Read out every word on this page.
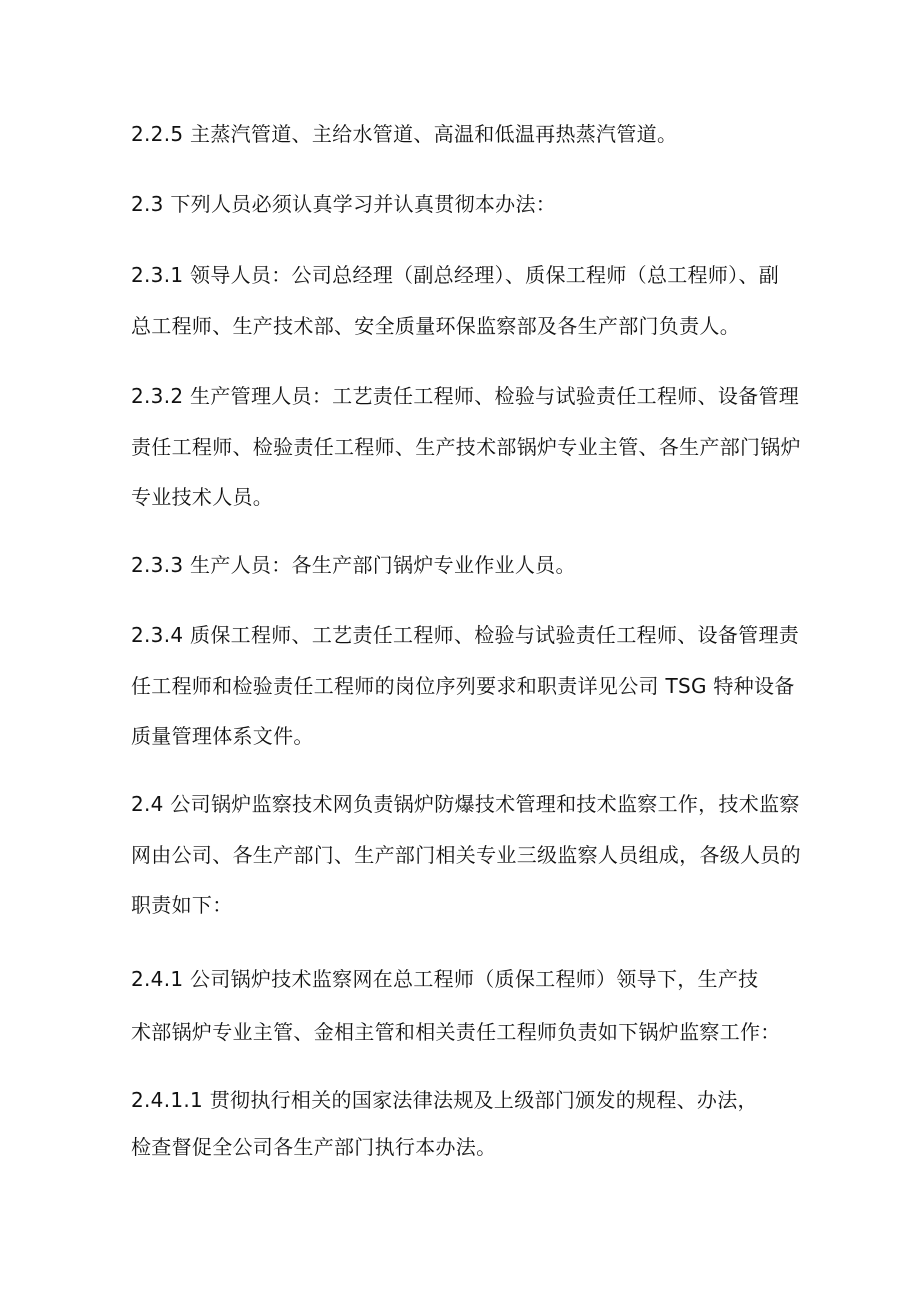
2.2.5 主蒸汽管道、主给水管道、高温和低温再热蒸汽管道。
2.3 下列人员必须认真学习并认真贯彻本办法：
2.3.1 领导人员：公司总经理（副总经理）、质保工程师（总工程师）、副
总工程师、生产技术部、安全质量环保监察部及各生产部门负责人。
2.3.2 生产管理人员：工艺责任工程师、检验与试验责任工程师、设备管理
责任工程师、检验责任工程师、生产技术部锅炉专业主管、各生产部门锅炉
专业技术人员。
2.3.3 生产人员：各生产部门锅炉专业作业人员。
2.3.4 质保工程师、工艺责任工程师、检验与试验责任工程师、设备管理责
任工程师和检验责任工程师的岗位序列要求和职责详见公司 TSG 特种设备
质量管理体系文件。
2.4 公司锅炉监察技术网负责锅炉防爆技术管理和技术监察工作，技术监察
网由公司、各生产部门、生产部门相关专业三级监察人员组成，各级人员的
职责如下：
2.4.1 公司锅炉技术监察网在总工程师（质保工程师）领导下，生产技
术部锅炉专业主管、金相主管和相关责任工程师负责如下锅炉监察工作：
2.4.1.1 贯彻执行相关的国家法律法规及上级部门颁发的规程、办法，
检查督促全公司各生产部门执行本办法。
